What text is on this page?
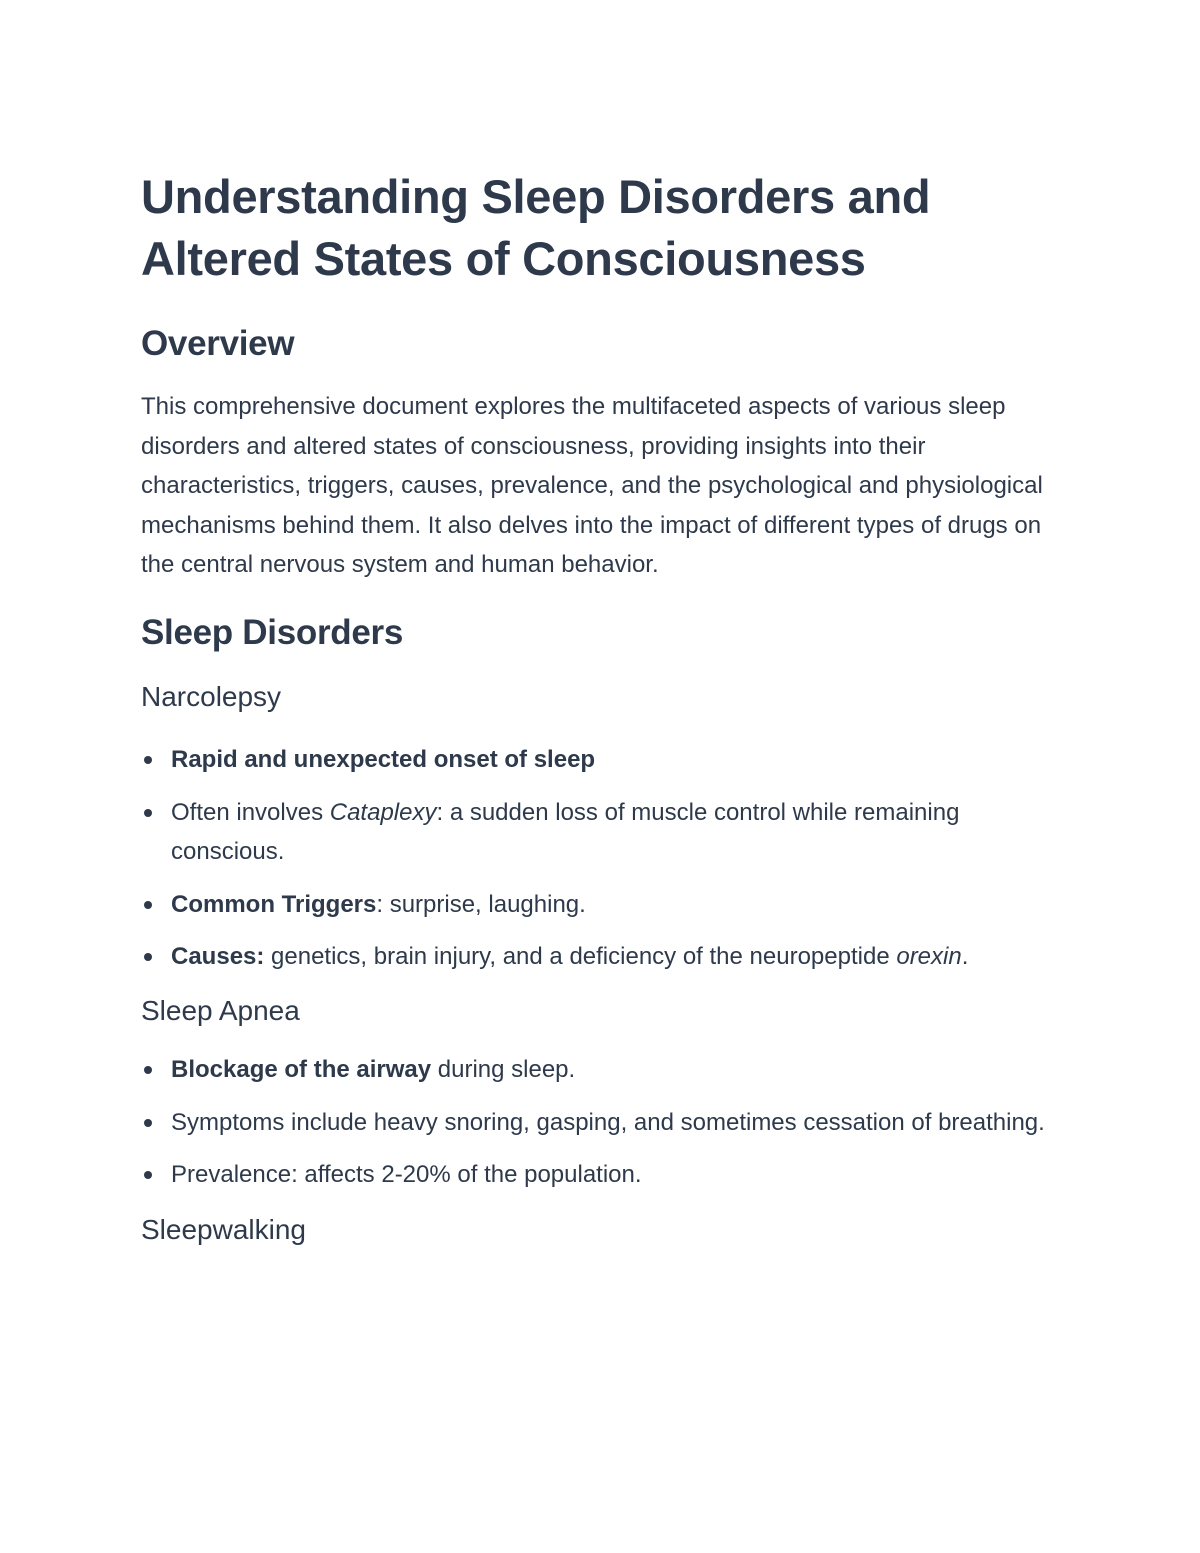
Understanding Sleep Disorders and
Altered States of Consciousness
Overview

This comprehensive document explores the multifaceted aspects of various sleep disorders and altered states of consciousness, providing insights into their characteristics, triggers, causes, prevalence, and the psychological and physiological mechanisms behind them. It also delves into the impact of different types of drugs on the central nervous system and human behavior.

Sleep Disorders
Narcolepsy
Rapid and unexpected onset of sleep
Often involves Cataplexy: a sudden loss of muscle control while remaining conscious.
Common Triggers: surprise, laughing.
Causes: genetics, brain injury, and a deficiency of the neuropeptide orexin.
Sleep Apnea
Blockage of the airway during sleep.
Symptoms include heavy snoring, gasping, and sometimes cessation of breathing.
Prevalence: affects 2-20% of the population.
Sleepwalking
